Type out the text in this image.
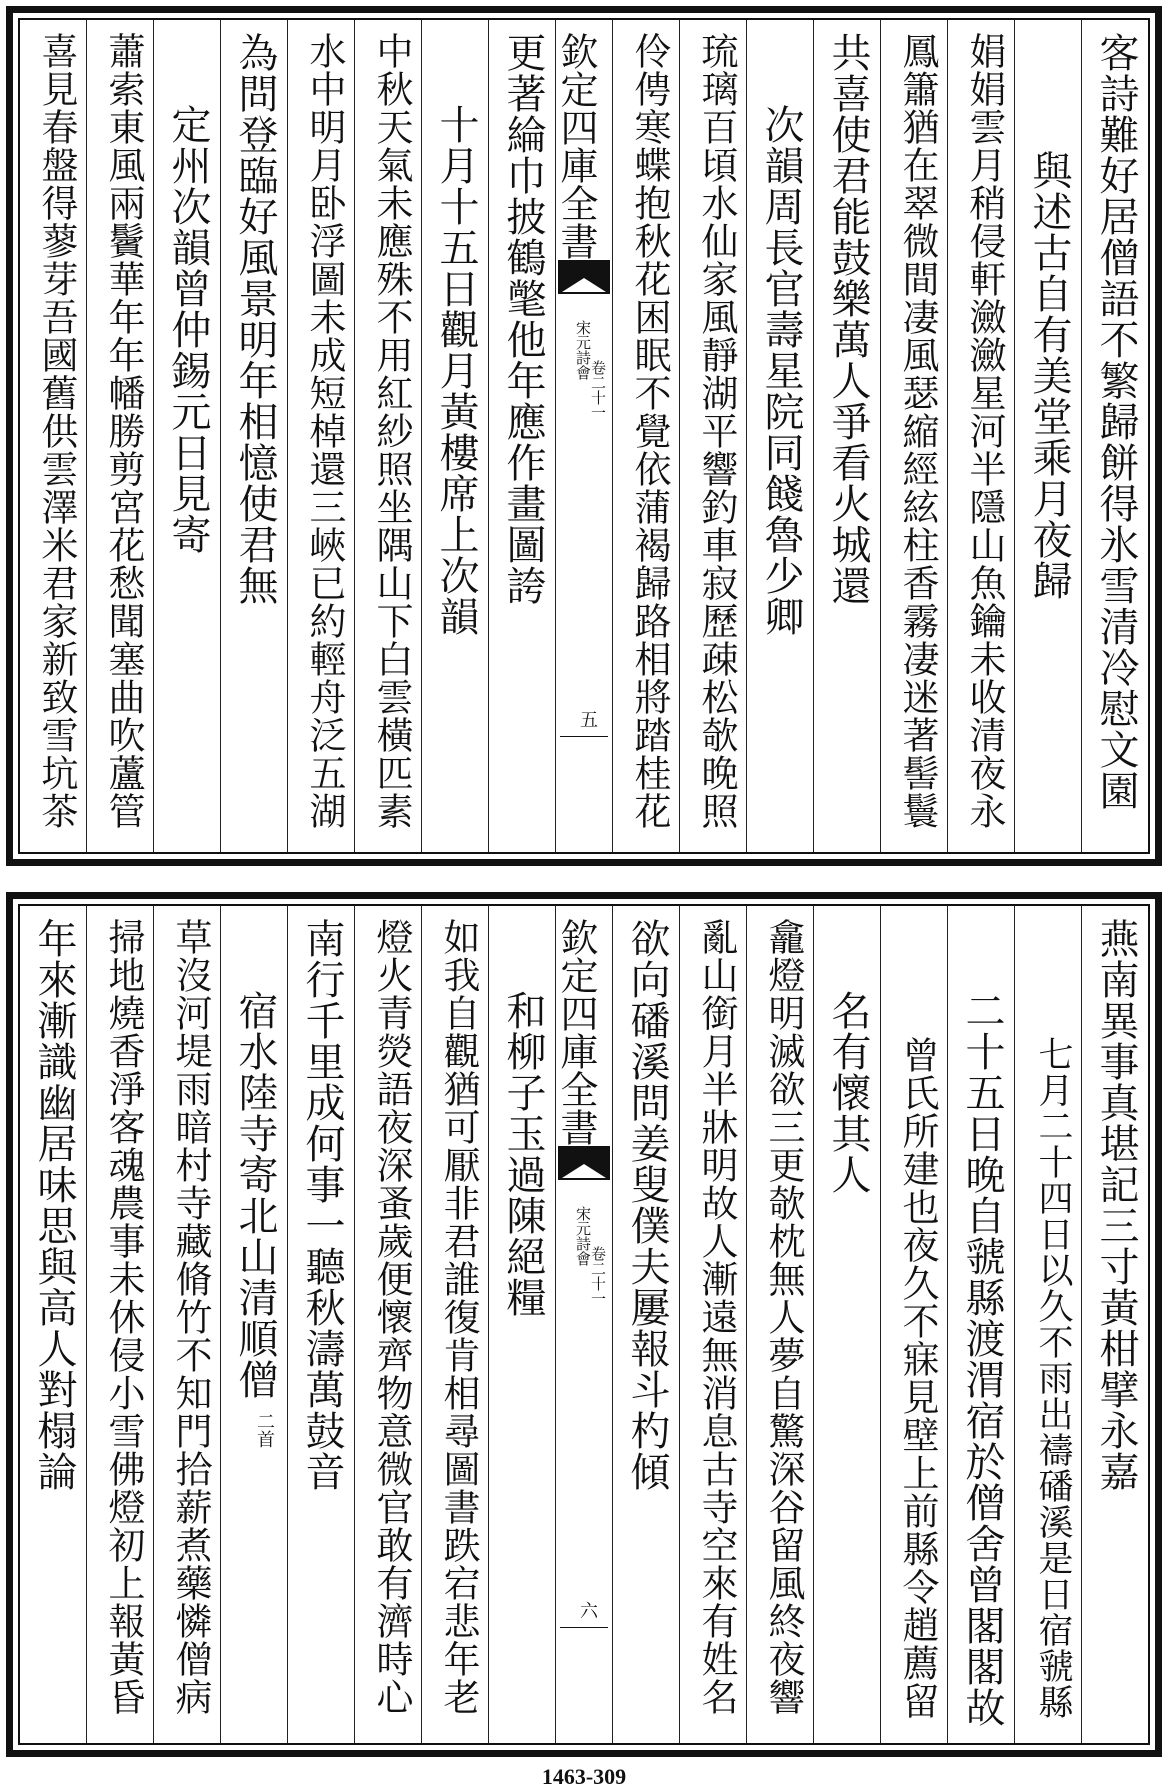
客詩難好居僧語不繁歸餅得氷雪清冷慰文園
與述古自有美堂乘月夜歸
娟娟雲月稍侵軒瀲瀲星河半隱山魚鑰未收清夜永
鳳簫猶在翠微間凄風瑟縮經絃柱香霧凄迷著髻鬟
共喜使君能鼓樂萬人爭看火城還
次韻周長官壽星院同餞魯少卿
琉璃百頃水仙家風靜湖平響釣車寂歷疎松欹晚照
伶俜寒蝶抱秋花困眠不覺依蒲褐歸路相將踏桂花
欽定四庫全書
宋元詩會
卷二十一
五
更著綸巾披鶴氅他年應作畫圖誇
十月十五日觀月黃樓席上次韻
中秋天氣未應殊不用紅紗照坐隅山下白雲橫匹素
水中明月卧浮圖未成短棹還三峽已約輕舟泛五湖
為問登臨好風景明年相憶使君無
定州次韻曾仲錫元日見寄
蕭索東風兩鬢華年年幡勝剪宮花愁聞塞曲吹蘆管
喜見春盤得蓼芽吾國舊供雲澤米君家新致雪坑茶
燕南異事真堪記三寸黃柑擘永嘉
七月二十四日以久不雨出禱磻溪是日宿虢縣
二十五日晚自虢縣渡渭宿於僧舍曾閣閣故
曾氏所建也夜久不寐見壁上前縣令趙薦留
名有懷其人
龕燈明滅欲三更欹枕無人夢自驚深谷留風終夜響
亂山銜月半牀明故人漸遠無消息古寺空來有姓名
欲向磻溪問姜叟僕夫屢報斗杓傾
欽定四庫全書
宋元詩會
卷二十一
六
和柳子玉過陳絕糧
如我自觀猶可厭非君誰復肯相尋圖書跌宕悲年老
燈火青熒語夜深蚤歲便懷齊物意微官敢有濟時心
南行千里成何事一聽秋濤萬鼓音
宿水陸寺寄北山清順僧
二首
草沒河堤雨暗村寺藏脩竹不知門拾薪煮藥憐僧病
掃地燒香淨客魂農事未休侵小雪佛燈初上報黃昏
年來漸識幽居味思與高人對榻論
1463-309
